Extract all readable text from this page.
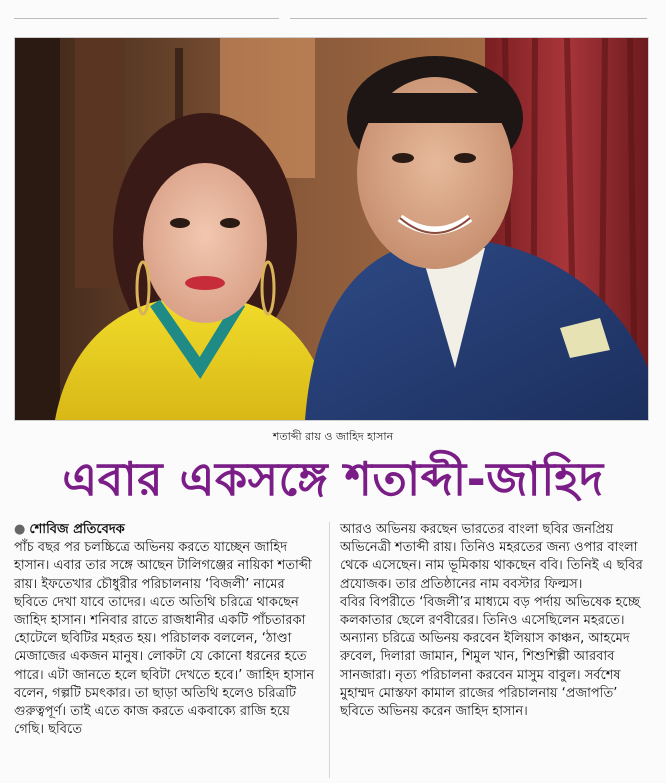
শতাব্দী রায় ও জাহিদ হাসান
এবার একসঙ্গে শতাব্দী-জাহিদ
● শোবিজ প্রতিবেদক

পাঁচ বছর পর চলচ্চিত্রে অভিনয় করতে যাচ্ছেন জাহিদ হাসান। এবার তার সঙ্গে আছেন টালিগঞ্জের নায়িকা শতাব্দী রায়। ইফতেখার চৌধুরীর পরিচালনায় ‘বিজলী’ নামের ছবিতে দেখা যাবে তাদের। এতে অতিথি চরিত্রে থাকছেন জাহিদ হাসান। শনিবার রাতে রাজধানীর একটি পাঁচতারকা হোটেলে ছবিটির মহরত হয়। পরিচালক বললেন, ‘ঠাণ্ডা মেজাজের একজন মানুষ। লোকটা যে কোনো ধরনের হতে পারে। এটা জানতে হলে ছবিটা দেখতে হবে।’ জাহিদ হাসান বলেন, গল্পটি চমৎকার। তা ছাড়া অতিথি হলেও চরিত্রটি গুরুত্বপূর্ণ। তাই এতে কাজ করতে একবাক্যে রাজি হয়ে গেছি। ছবিতে

আরও অভিনয় করছেন ভারতের বাংলা ছবির জনপ্রিয় অভিনেত্রী শতাব্দী রায়। তিনিও মহরতের জন্য ওপার বাংলা থেকে এসেছেন। নাম ভূমিকায় থাকছেন ববি। তিনিই এ ছবির প্রযোজক। তার প্রতিষ্ঠানের নাম ববস্টার ফিল্মস।

ববির বিপরীতে ‘বিজলী’র মাধ্যমে বড় পর্দায় অভিষেক হচ্ছে কলকাতার ছেলে রণবীরের। তিনিও এসেছিলেন মহরতে। অন্যান্য চরিত্রে অভিনয় করবেন ইলিয়াস কাঞ্চন, আহমেদ রুবেল, দিলারা জামান, শিমুল খান, শিশুশিল্পী আরবাব সানজারা। নৃত্য পরিচালনা করবেন মাসুম বাবুল। সর্বশেষ মুহাম্মদ মোস্তফা কামাল রাজের পরিচালনায় ‘প্রজাপতি’ ছবিতে অভিনয় করেন জাহিদ হাসান।
